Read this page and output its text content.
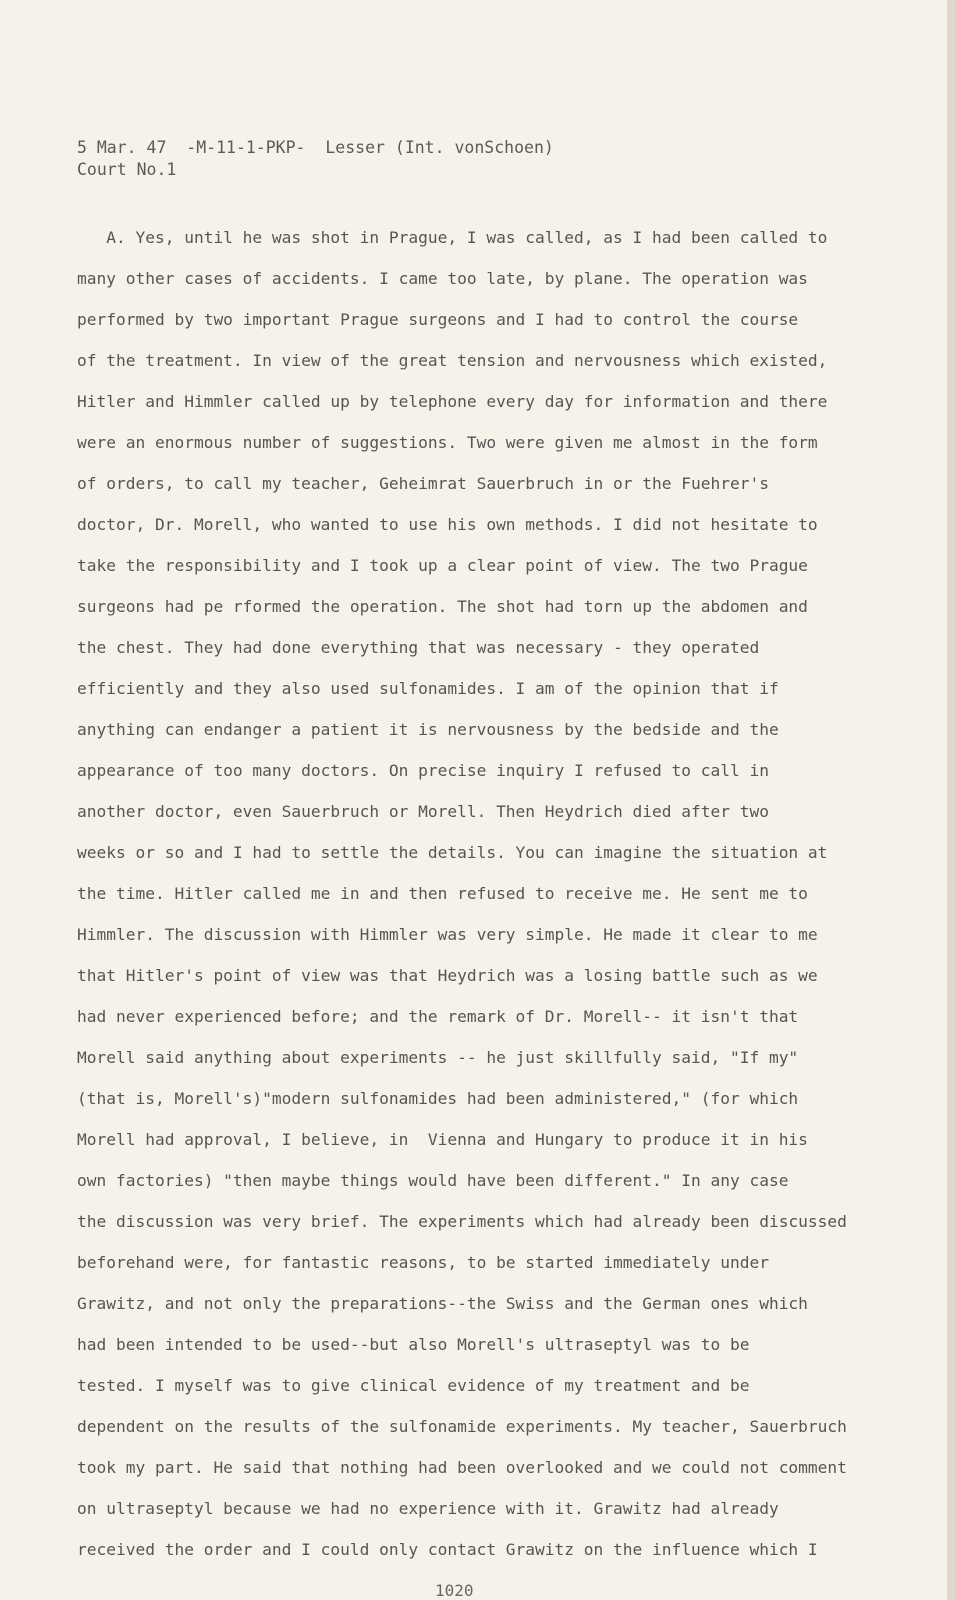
5 Mar. 47  -M-11-1-PKP-  Lesser (Int. vonSchoen)
Court No.1
A. Yes, until he was shot in Prague, I was called, as I had been called to
many other cases of accidents. I came too late, by plane. The operation was
performed by two important Prague surgeons and I had to control the course
of the treatment. In view of the great tension and nervousness which existed,
Hitler and Himmler called up by telephone every day for information and there
were an enormous number of suggestions. Two were given me almost in the form
of orders, to call my teacher, Geheimrat Sauerbruch in or the Fuehrer's
doctor, Dr. Morell, who wanted to use his own methods. I did not hesitate to
take the responsibility and I took up a clear point of view. The two Prague
surgeons had pe rformed the operation. The shot had torn up the abdomen and
the chest. They had done everything that was necessary - they operated
efficiently and they also used sulfonamides. I am of the opinion that if
anything can endanger a patient it is nervousness by the bedside and the
appearance of too many doctors. On precise inquiry I refused to call in
another doctor, even Sauerbruch or Morell. Then Heydrich died after two
weeks or so and I had to settle the details. You can imagine the situation at
the time. Hitler called me in and then refused to receive me. He sent me to
Himmler. The discussion with Himmler was very simple. He made it clear to me
that Hitler's point of view was that Heydrich was a losing battle such as we
had never experienced before; and the remark of Dr. Morell-- it isn't that
Morell said anything about experiments -- he just skillfully said, "If my"
(that is, Morell's)"modern sulfonamides had been administered," (for which
Morell had approval, I believe, in  Vienna and Hungary to produce it in his
own factories) "then maybe things would have been different." In any case
the discussion was very brief. The experiments which had already been discussed
beforehand were, for fantastic reasons, to be started immediately under
Grawitz, and not only the preparations--the Swiss and the German ones which
had been intended to be used--but also Morell's ultraseptyl was to be
tested. I myself was to give clinical evidence of my treatment and be
dependent on the results of the sulfonamide experiments. My teacher, Sauerbruch
took my part. He said that nothing had been overlooked and we could not comment
on ultraseptyl because we had no experience with it. Grawitz had already
received the order and I could only contact Grawitz on the influence which I
1020
